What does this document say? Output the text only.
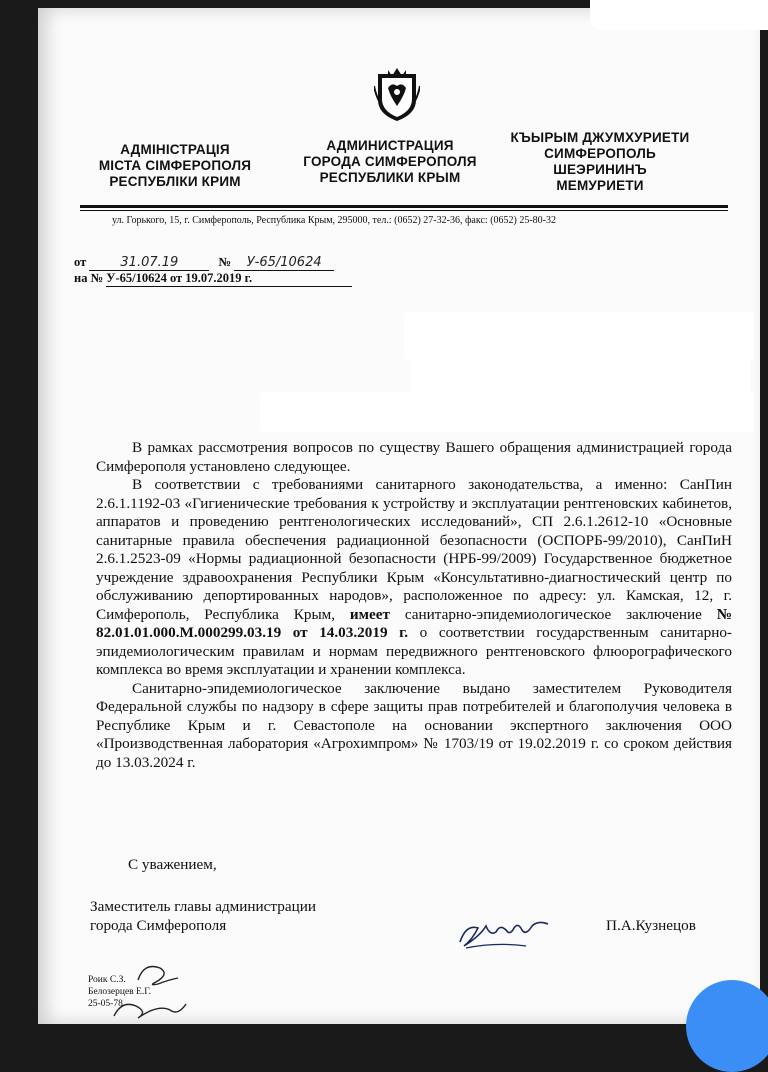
АДМІНІСТРАЦІЯ
МІСТА СІМФЕРОПОЛЯ
РЕСПУБЛІКИ КРИМ
АДМИНИСТРАЦИЯ
ГОРОДА СИМФЕРОПОЛЯ
РЕСПУБЛИКИ КРЫМ
КЪЫРЫМ ДЖУМХУРИЕТИ
СИМФЕРОПОЛЬ
ШЕЭРИНИНЪ
МЕМУРИЕТИ
ул. Горького, 15, г. Симферополь, Республика Крым, 295000, тел.: (0652) 27-32-36, факс: (0652) 25-80-32
от	31.07.19	№ У-65/10624
на № У-65/10624 от 19.07.2019 г.

В рамках рассмотрения вопросов по существу Вашего обращения администрацией города Симферополя установлено следующее.

В соответствии с требованиями санитарного законодательства, а именно: СанПин 2.6.1.1192-03 «Гигиенические требования к устройству и эксплуатации рентгеновских кабинетов, аппаратов и проведению рентгенологических исследований», СП 2.6.1.2612-10 «Основные санитарные правила обеспечения радиационной безопасности (ОСПОРБ-99/2010), СанПиН 2.6.1.2523-09 «Нормы радиационной безопасности (НРБ-99/2009) Государственное бюджетное учреждение здравоохранения Республики Крым «Консультативно-диагностический центр по обслуживанию депортированных народов», расположенное по адресу: ул. Камская, 12, г. Симферополь, Республика Крым, имеет санитарно-эпидемиологическое заключение № 82.01.01.000.М.000299.03.19 от 14.03.2019 г. о соответствии государственным санитарно-эпидемиологическим правилам и нормам передвижного рентгеновского флюорографического комплекса во время эксплуатации и хранении комплекса.

Санитарно-эпидемиологическое заключение выдано заместителем Руководителя Федеральной службы по надзору в сфере защиты прав потребителей и благополучия человека в Республике Крым и г. Севастополе на основании экспертного заключения ООО «Производственная лаборатория «Агрохимпром» № 1703/19 от 19.02.2019 г. со сроком действия до 13.03.2024 г.

С уважением,
Заместитель главы администрации
города Симферополя	П.А.Кузнецов
Роик С.З.
Белозерцев Е.Г.
25-05-78
